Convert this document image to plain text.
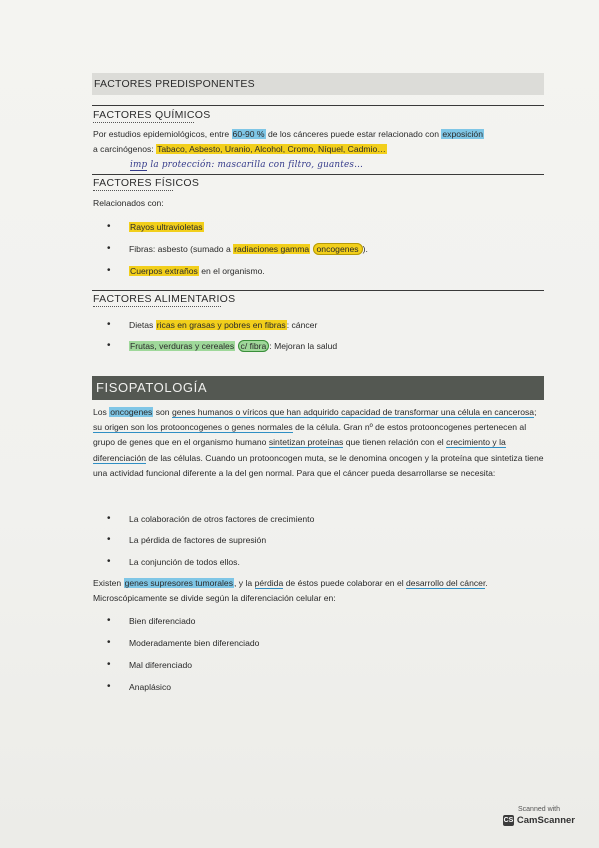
FACTORES PREDISPONENTES
FACTORES QUÍMICOS
Por estudios epidemiológicos, entre 60-90 % de los cánceres puede estar relacionado con exposición
a carcinógenos: Tabaco, Asbesto, Uranio, Alcohol, Cromo, Níquel, Cadmio…
imp la protección: mascarilla con filtro, guantes…
FACTORES FÍSICOS
Relacionados con:
• Rayos ultravioletas
• Fibras: asbesto (sumado a radiaciones gamma oncogenes ).
• Cuerpos extraños en el organismo.
FACTORES ALIMENTARIOS
• Dietas ricas en grasas y pobres en fibras: cáncer
• Frutas, verduras y cereales c/ fibra : Mejoran la salud
FISOPATOLOGÍA
Los oncogenes son genes humanos o víricos que han adquirido capacidad de transformar una célula en cancerosa; su origen son los protooncogenes o genes normales de la célula. Gran nº de estos protooncogenes pertenecen al grupo de genes que en el organismo humano sintetizan proteínas que tienen relación con el crecimiento y la diferenciación de las células. Cuando un protooncogen muta, se le denomina oncogen y la proteína que sintetiza tiene una actividad funcional diferente a la del gen normal. Para que el cáncer pueda desarrollarse se necesita:
• La colaboración de otros factores de crecimiento
• La pérdida de factores de supresión
• La conjunción de todos ellos.
Existen genes supresores tumorales, y la pérdida de éstos puede colaborar en el desarrollo del cáncer. Microscópicamente se divide según la diferenciación celular en:
• Bien diferenciado
• Moderadamente bien diferenciado
• Mal diferenciado
• Anaplásico
Scanned with
CS CamScanner
